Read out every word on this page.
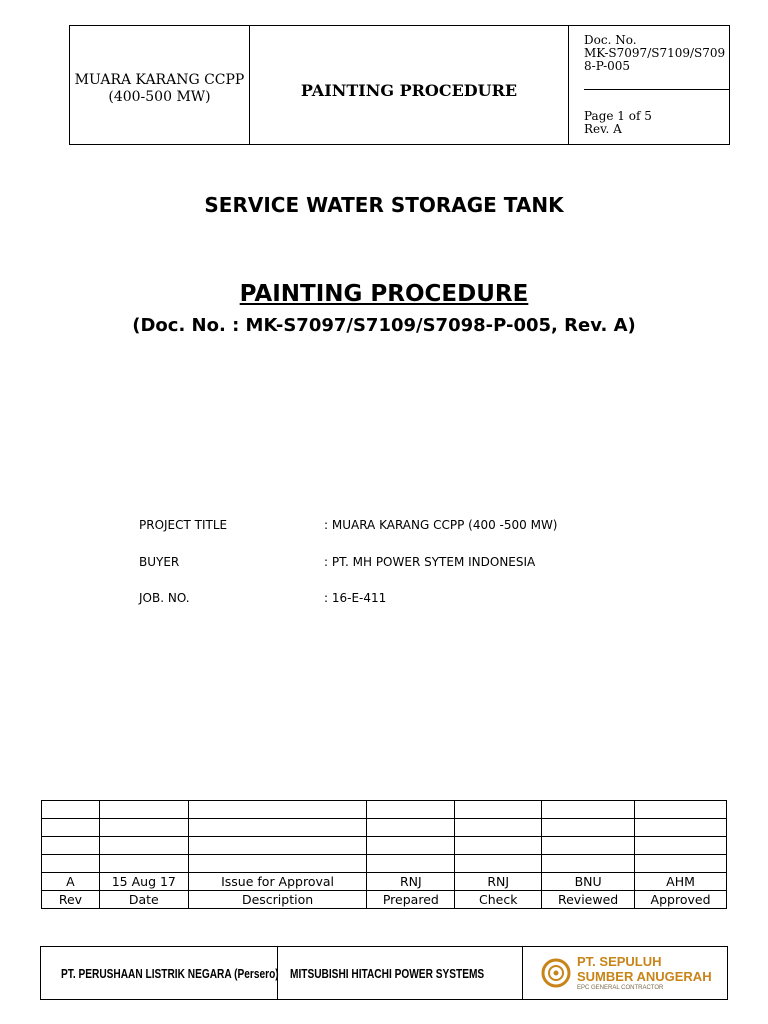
MUARA KARANG CCPP
(400-500 MW)	PAINTING PROCEDURE
Doc. No.
MK-S7097/S7109/S7098-P-005
Page 1 of 5
Rev. A
SERVICE WATER STORAGE TANK
PAINTING PROCEDURE
(Doc. No. : MK-S7097/S7109/S7098-P-005, Rev. A)
PROJECT TITLE	: MUARA KARANG CCPP (400 -500 MW)
BUYER	: PT. MH POWER SYTEM INDONESIA
JOB. NO.	: 16-E-411

A	15 Aug 17	Issue for Approval	RNJ	RNJ	BNU	AHM
Rev	Date	Description	Prepared	Check	Reviewed	Approved
PT. PERUSHAAN LISTRIK NEGARA (Persero) MITSUBISHI HITACHI POWER SYSTEMS
PT. SEPULUH
SUMBER ANUGERAH
EPC GENERAL CONTRACTOR
